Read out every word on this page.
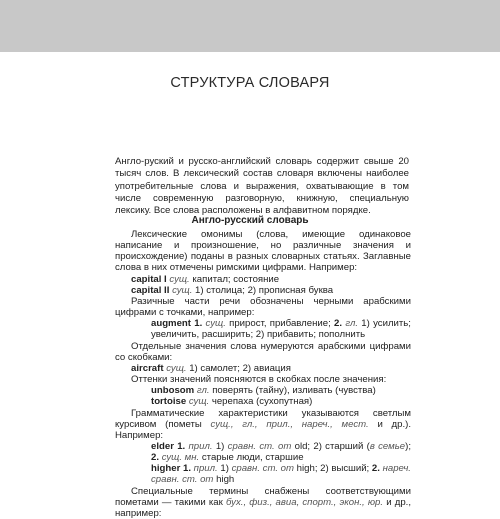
СТРУКТУРА СЛОВАРЯ

Англо-руский и русско-английский словарь содержит свыше 20 тысяч слов. В лексический состав словаря включены наиболее употребительные слова и выражения, охватывающие в том числе современную разговорную, книжную, специальную лексику. Все слова расположены в алфавитном порядке.

Англо-русский словарь

Лексические омонимы (слова, имеющие одинаковое написание и произношение, но различные значения и происхождение) поданы в разных словарных статьях. Заглавные слова в них отмечены римскими цифрами. Например:

capital I сущ. капитал; состояние

capital II сущ. 1) столица; 2) прописная буква

Разичные части речи обозначены черными арабскими цифрами с точками, например:

augment 1. сущ. прирост, прибавление; 2. гл. 1) усилить; увеличить, расширить; 2) прибавить; пополнить

Отдельные значения слова нумеруются арабскими цифрами со скобками:

aircraft сущ. 1) самолет; 2) авиация

Оттенки значений поясняются в скобках после значения:

unbosom гл. поверять (тайну), изливать (чувства)

tortoise сущ. черепаха (сухопутная)

Грамматические характеристики указываются светлым курсивом (пометы сущ., гл., прил., нареч., мест. и др.). Например:

elder 1. прил. 1) сравн. ст. от old; 2) старший (в семье); 2. сущ. мн. старые люди, старшие

higher 1. прил. 1) сравн. ст. от high; 2) высший; 2. нареч. сравн. ст. от high

Специальные термины снабжены соответствующими пометами — такими как бух., физ., авиа, спорт., экон., юр. и др., например:
